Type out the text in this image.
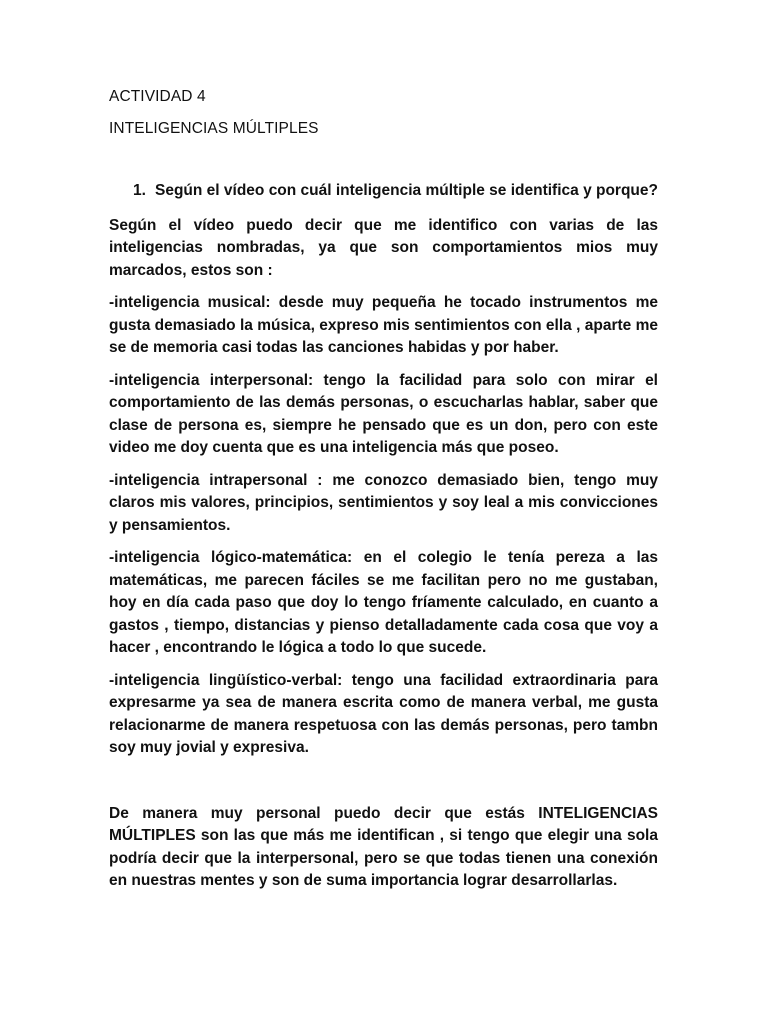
ACTIVIDAD 4

INTELIGENCIAS MÚLTIPLES

1. Según el vídeo con cuál inteligencia múltiple se identifica y porque?

Según el vídeo puedo decir que me identifico con varias de las inteligencias nombradas, ya que son comportamientos mios muy marcados, estos son :

-inteligencia musical: desde muy pequeña he tocado instrumentos me gusta demasiado la música, expreso mis sentimientos con ella , aparte me se de memoria casi todas las canciones habidas y por haber.

-inteligencia interpersonal: tengo la facilidad para solo con mirar el comportamiento de las demás personas, o escucharlas hablar, saber que clase de persona es, siempre he pensado que es un don, pero con este video me doy cuenta que es una inteligencia más que poseo.

-inteligencia intrapersonal : me conozco demasiado bien, tengo muy claros mis valores, principios, sentimientos y soy leal a mis convicciones y pensamientos.

-inteligencia lógico-matemática: en el colegio le tenía pereza a las matemáticas, me parecen fáciles se me facilitan pero no me gustaban, hoy en día cada paso que doy lo tengo fríamente calculado, en cuanto a gastos , tiempo, distancias y pienso detalladamente cada cosa que voy a hacer , encontrando le lógica a todo lo que sucede.

-inteligencia lingüístico-verbal: tengo una facilidad extraordinaria para expresarme ya sea de manera escrita como de manera verbal, me gusta relacionarme de manera respetuosa con las demás personas, pero tambn soy muy jovial y expresiva.

De manera muy personal puedo decir que estás INTELIGENCIAS MÚLTIPLES son las que más me identifican , si tengo que elegir una sola podría decir que la interpersonal, pero se que todas tienen una conexión en nuestras mentes y son de suma importancia lograr desarrollarlas.
